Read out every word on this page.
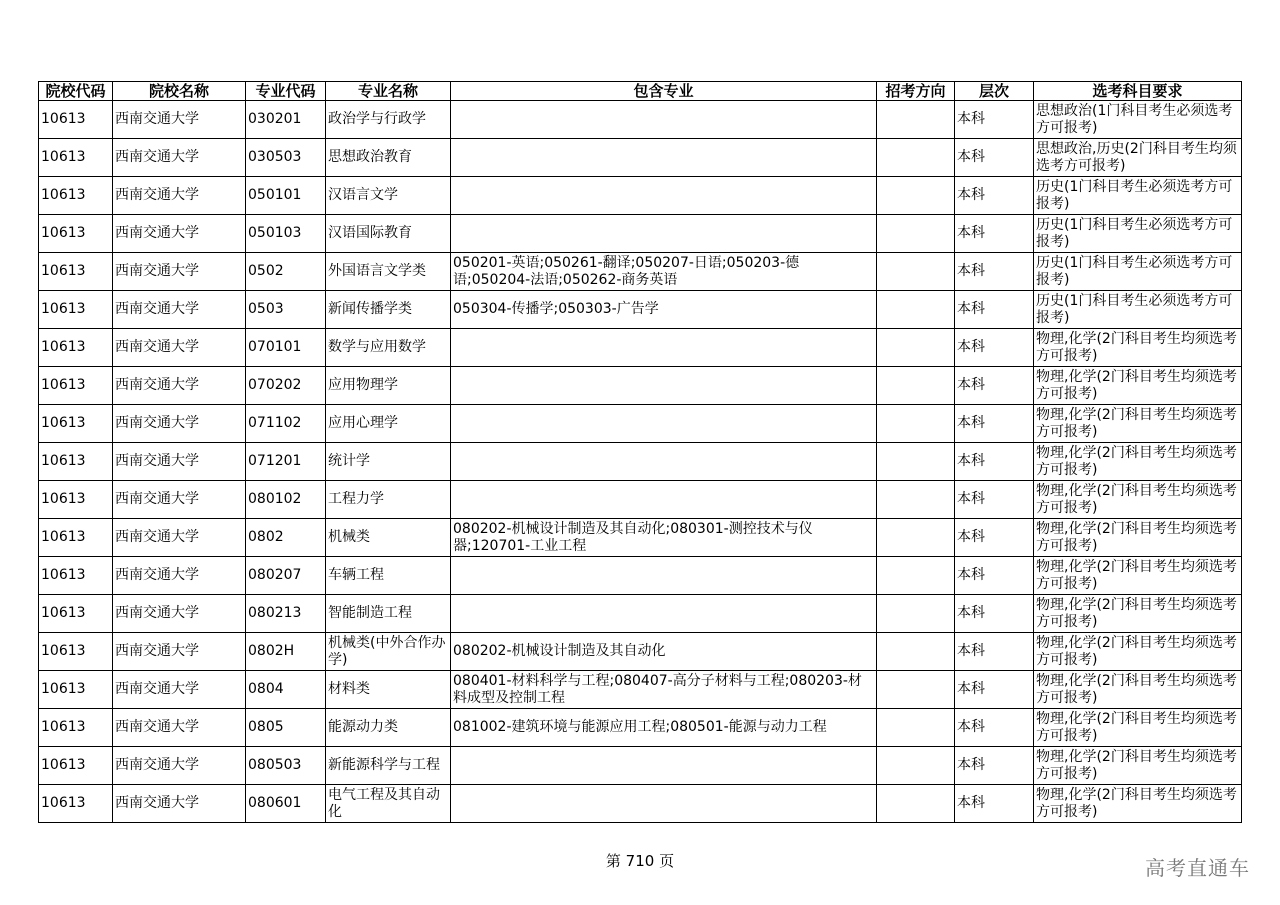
院校代码	院校名称	专业代码	专业名称	包含专业	招考方向	层次	选考科目要求
10613	西南交通大学	030201	政治学与行政学			本科	思想政治(1门科目考生必须选考方可报考)
10613	西南交通大学	030503	思想政治教育			本科	思想政治,历史(2门科目考生均须选考方可报考)
10613	西南交通大学	050101	汉语言文学			本科	历史(1门科目考生必须选考方可报考)
10613	西南交通大学	050103	汉语国际教育			本科	历史(1门科目考生必须选考方可报考)
10613	西南交通大学	0502	外国语言文学类	050201-英语;050261-翻译;050207-日语;050203-德语;050204-法语;050262-商务英语		本科	历史(1门科目考生必须选考方可报考)
10613	西南交通大学	0503	新闻传播学类	050304-传播学;050303-广告学		本科	历史(1门科目考生必须选考方可报考)
10613	西南交通大学	070101	数学与应用数学			本科	物理,化学(2门科目考生均须选考方可报考)
10613	西南交通大学	070202	应用物理学			本科	物理,化学(2门科目考生均须选考方可报考)
10613	西南交通大学	071102	应用心理学			本科	物理,化学(2门科目考生均须选考方可报考)
10613	西南交通大学	071201	统计学			本科	物理,化学(2门科目考生均须选考方可报考)
10613	西南交通大学	080102	工程力学			本科	物理,化学(2门科目考生均须选考方可报考)
10613	西南交通大学	0802	机械类	080202-机械设计制造及其自动化;080301-测控技术与仪器;120701-工业工程		本科	物理,化学(2门科目考生均须选考方可报考)
10613	西南交通大学	080207	车辆工程			本科	物理,化学(2门科目考生均须选考方可报考)
10613	西南交通大学	080213	智能制造工程			本科	物理,化学(2门科目考生均须选考方可报考)
10613	西南交通大学	0802H	机械类(中外合作办学)	080202-机械设计制造及其自动化		本科	物理,化学(2门科目考生均须选考方可报考)
10613	西南交通大学	0804	材料类	080401-材料科学与工程;080407-高分子材料与工程;080203-材料成型及控制工程		本科	物理,化学(2门科目考生均须选考方可报考)
10613	西南交通大学	0805	能源动力类	081002-建筑环境与能源应用工程;080501-能源与动力工程		本科	物理,化学(2门科目考生均须选考方可报考)
10613	西南交通大学	080503	新能源科学与工程			本科	物理,化学(2门科目考生均须选考方可报考)
10613	西南交通大学	080601	电气工程及其自动化			本科	物理,化学(2门科目考生均须选考方可报考)
第 710 页	高考直通车
